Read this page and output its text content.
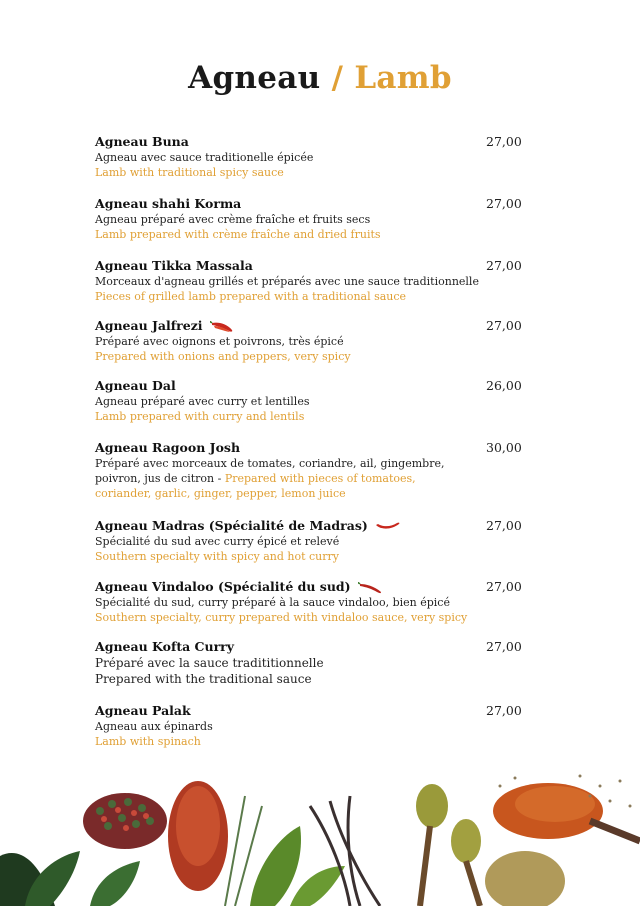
Agneau / Lamb
Agneau Buna
Agneau avec sauce traditionelle épicée
Lamb with traditional spicy sauce
27,00
Agneau shahi Korma
Agneau préparé avec crème fraîche et fruits secs
Lamb prepared with crème fraîche and dried fruits
27,00
Agneau Tikka Massala
Morceaux d'agneau grillés et préparés avec une sauce traditionnelle
Pieces of grilled lamb prepared with a traditional sauce
27,00
Agneau Jalfrezi
Préparé avec oignons et poivrons, très épicé
Prepared with onions and peppers, very spicy
27,00
Agneau Dal
Agneau préparé avec curry et lentilles
Lamb prepared with curry and lentils
26,00
Agneau Ragoon Josh
Préparé avec morceaux de tomates, coriandre, ail, gingembre,
poivron, jus de citron - Prepared with pieces of tomatoes,
coriander, garlic, ginger, pepper, lemon juice
30,00
Agneau Madras (Spécialité de Madras)
Spécialité du sud avec curry épicé et relevé
Southern specialty with spicy and hot curry
27,00
Agneau Vindaloo (Spécialité du sud)
Spécialité du sud, curry préparé à la sauce vindaloo, bien épicé
Southern specialty, curry prepared with vindaloo sauce, very spicy
27,00
Agneau Kofta Curry
Préparé avec la sauce tradititionnelle
Prepared with the traditional sauce
27,00
Agneau Palak
Agneau aux épinards
Lamb with spinach
27,00
